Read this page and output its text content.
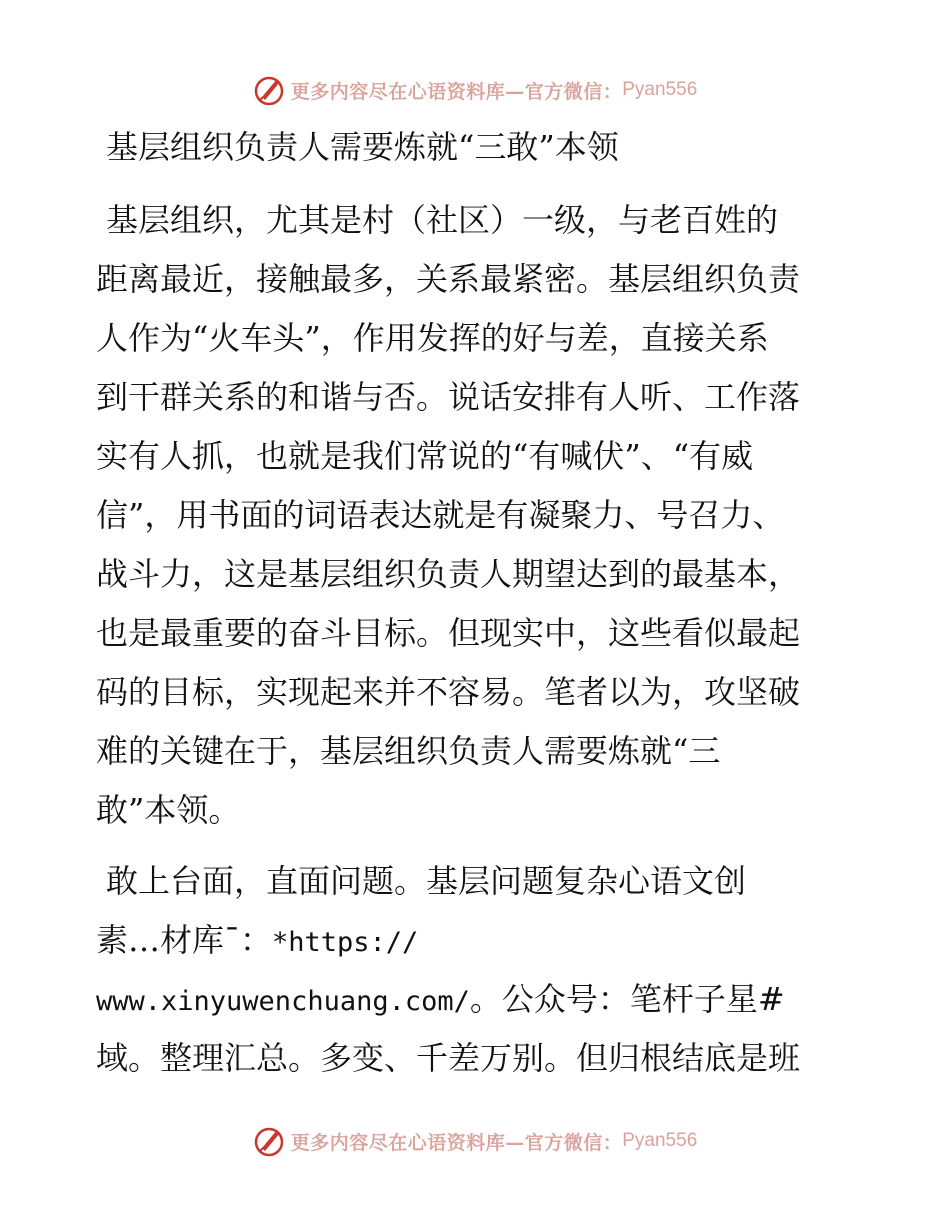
更多内容尽在心语资料库—官方微信： Pyan556
基层组织负责人需要炼就“三敢”本领

基层组织，尤其是村（社区）一级，与老百姓的

距离最近，接触最多，关系最紧密。基层组织负责

人作为“火车头”，作用发挥的好与差，直接关系

到干群关系的和谐与否。说话安排有人听、工作落

实有人抓，也就是我们常说的“有喊伏”、“有威

信”，用书面的词语表达就是有凝聚力、号召力、

战斗力，这是基层组织负责人期望达到的最基本，

也是最重要的奋斗目标。但现实中，这些看似最起

码的目标，实现起来并不容易。笔者以为，攻坚破

难的关键在于，基层组织负责人需要炼就“三

敢”本领。

敢上台面，直面问题。基层问题复杂心语文创

素…材库¯：*https://

www.xinyuwenchuang.com/。公众号：笔杆子星#

域。整理汇总。多变、千差万别。但归根结底是班

更多内容尽在心语资料库—官方微信： Pyan556
